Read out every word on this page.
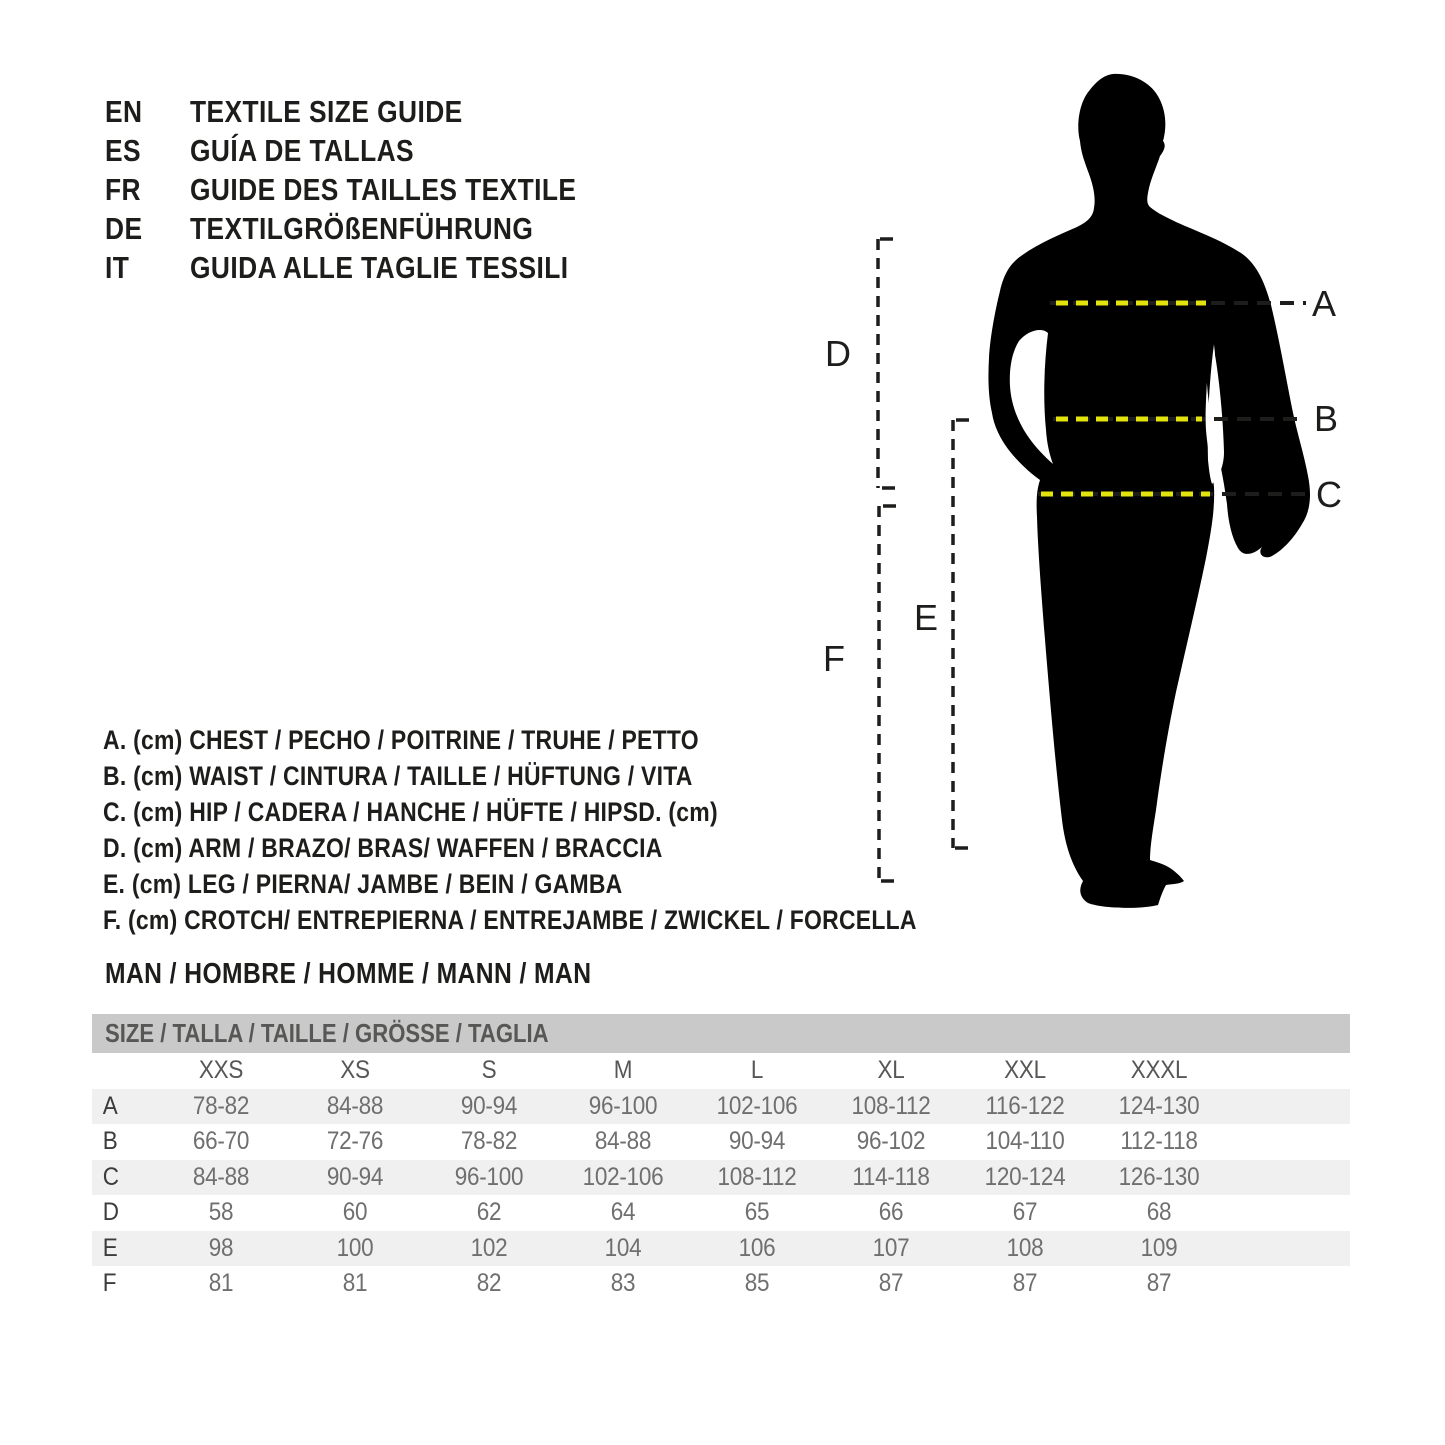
A
B
C
D
E
F
EN	TEXTILE SIZE GUIDE
ES	GUÍA DE TALLAS
FR	GUIDE DES TAILLES TEXTILE
DE	TEXTILGRÖßENFÜHRUNG
IT	GUIDA ALLE TAGLIE TESSILI
A. (cm) CHEST / PECHO / POITRINE / TRUHE / PETTO
B. (cm) WAIST / CINTURA / TAILLE / HÜFTUNG / VITA
C. (cm) HIP / CADERA / HANCHE / HÜFTE / HIPSD. (cm)
D. (cm) ARM / BRAZO/ BRAS/ WAFFEN / BRACCIA
E. (cm) LEG / PIERNA/ JAMBE / BEIN / GAMBA
F. (cm) CROTCH/ ENTREPIERNA / ENTREJAMBE / ZWICKEL / FORCELLA
MAN / HOMBRE / HOMME / MANN / MAN
SIZE / TALLA / TAILLE / GRÖSSE / TAGLIA
XXS	XS	S	M	L	XL	XXL	XXXL
A	78-82	84-88	90-94	96-100	102-106	108-112	116-122	124-130
B	66-70	72-76	78-82	84-88	90-94	96-102	104-110	112-118
C	84-88	90-94	96-100	102-106	108-112	114-118	120-124	126-130
D	58	60	62	64	65	66	67	68
E	98	100	102	104	106	107	108	109
F	81	81	82	83	85	87	87	87
